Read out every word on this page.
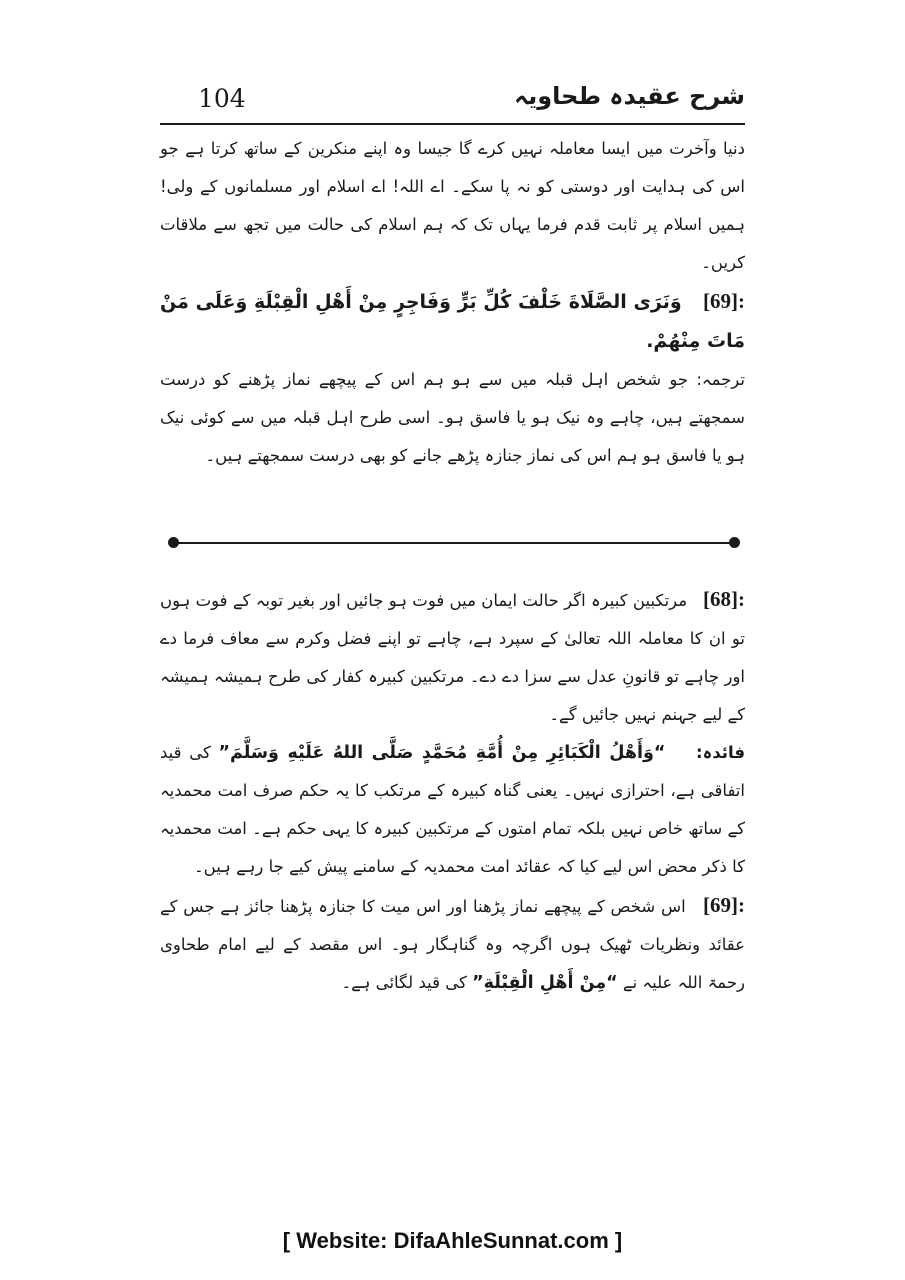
104	شرح عقیدہ طحاویہ

دنیا وآخرت میں ایسا معاملہ نہیں کرے گا جیسا وہ اپنے منکرین کے ساتھ کرتا ہے جو اس کی ہدایت اور دوستی کو نہ پا سکے۔ اے اللہ! اے اسلام اور مسلمانوں کے ولی! ہمیں اسلام پر ثابت قدم فرما یہاں تک کہ ہم اسلام کی حالت میں تجھ سے ملاقات کریں۔

[69]:    وَنَرَى الصَّلَاةَ خَلْفَ كُلِّ بَرٍّ وَفَاجِرٍ مِنْ أَهْلِ الْقِبْلَةِ وَعَلَى مَنْ مَاتَ مِنْهُمْ.

ترجمہ: جو شخص اہل قبلہ میں سے ہو ہم اس کے پیچھے نماز پڑھنے کو درست سمجھتے ہیں، چاہے وہ نیک ہو یا فاسق ہو۔ اسی طرح اہل قبلہ میں سے کوئی نیک ہو یا فاسق ہو ہم اس کی نماز جنازہ پڑھے جانے کو بھی درست سمجھتے ہیں۔

[68]:   مرتکبین کبیرہ اگر حالت ایمان میں فوت ہو جائیں اور بغیر توبہ کے فوت ہوں تو ان کا معاملہ اللہ تعالیٰ کے سپرد ہے، چاہے تو اپنے فضل وکرم سے معاف فرما دے اور چاہے تو قانونِ عدل سے سزا دے دے۔ مرتکبین کبیرہ کفار کی طرح ہمیشہ ہمیشہ کے لیے جہنم نہیں جائیں گے۔

فائدہ:    “وَأَهْلُ الْكَبَائِرِ مِنْ أُمَّةِ مُحَمَّدٍ صَلَّى اللهُ عَلَيْهِ وَسَلَّمَ” کی قید اتفاقی ہے، احترازی نہیں۔ یعنی گناہ کبیرہ کے مرتکب کا یہ حکم صرف امت محمدیہ کے ساتھ خاص نہیں بلکہ تمام امتوں کے مرتکبین کبیرہ کا یہی حکم ہے۔ امت محمدیہ کا ذکر محض اس لیے کیا کہ عقائد امت محمدیہ کے سامنے پیش کیے جا رہے ہیں۔

[69]:   اس شخص کے پیچھے نماز پڑھنا اور اس میت کا جنازہ پڑھنا جائز ہے جس کے عقائد ونظریات ٹھیک ہوں اگرچہ وہ گناہگار ہو۔ اس مقصد کے لیے امام طحاوی رحمۃ اللہ علیہ نے “مِنْ أَهْلِ الْقِبْلَةِ” کی قید لگائی ہے۔

[ Website: DifaAhleSunnat.com ]
